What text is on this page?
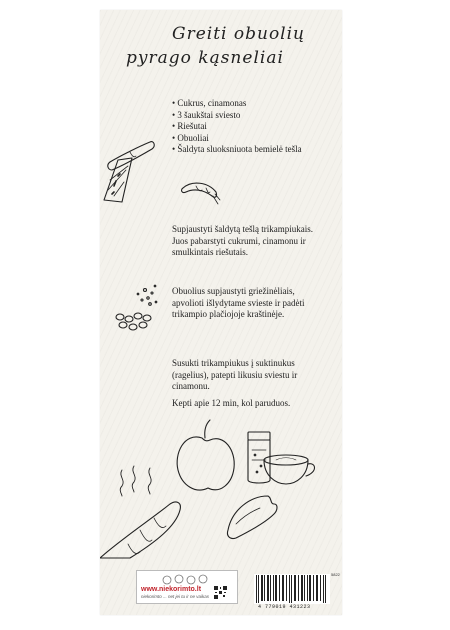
Greiti obuolių
pyrago kąsneliai
• Cukrus, cinamonas
• 3 šaukštai sviesto
• Riešutai
• Obuoliai
• Šaldyta sluoksniuota bemielė tešla

Supjaustyti šaldytą tešlą trikampiukais. Juos pabarstyti cukrumi, cinamonu ir smulkintais riešutais.

Obuolius supjaustyti griežinėliais, apvolioti išlydytame svieste ir padėti trikampio plačiojoje kraštinėje.

Susukti trikampiukus į suktinukus (ragelius), patepti likusiu sviestu ir cinamonu.

Kepti apie 12 min, kol paruduos.

www.niekorimto.lt
niekorimto ... net jei tu ir ne vaikas
4 779019 431223
5822
